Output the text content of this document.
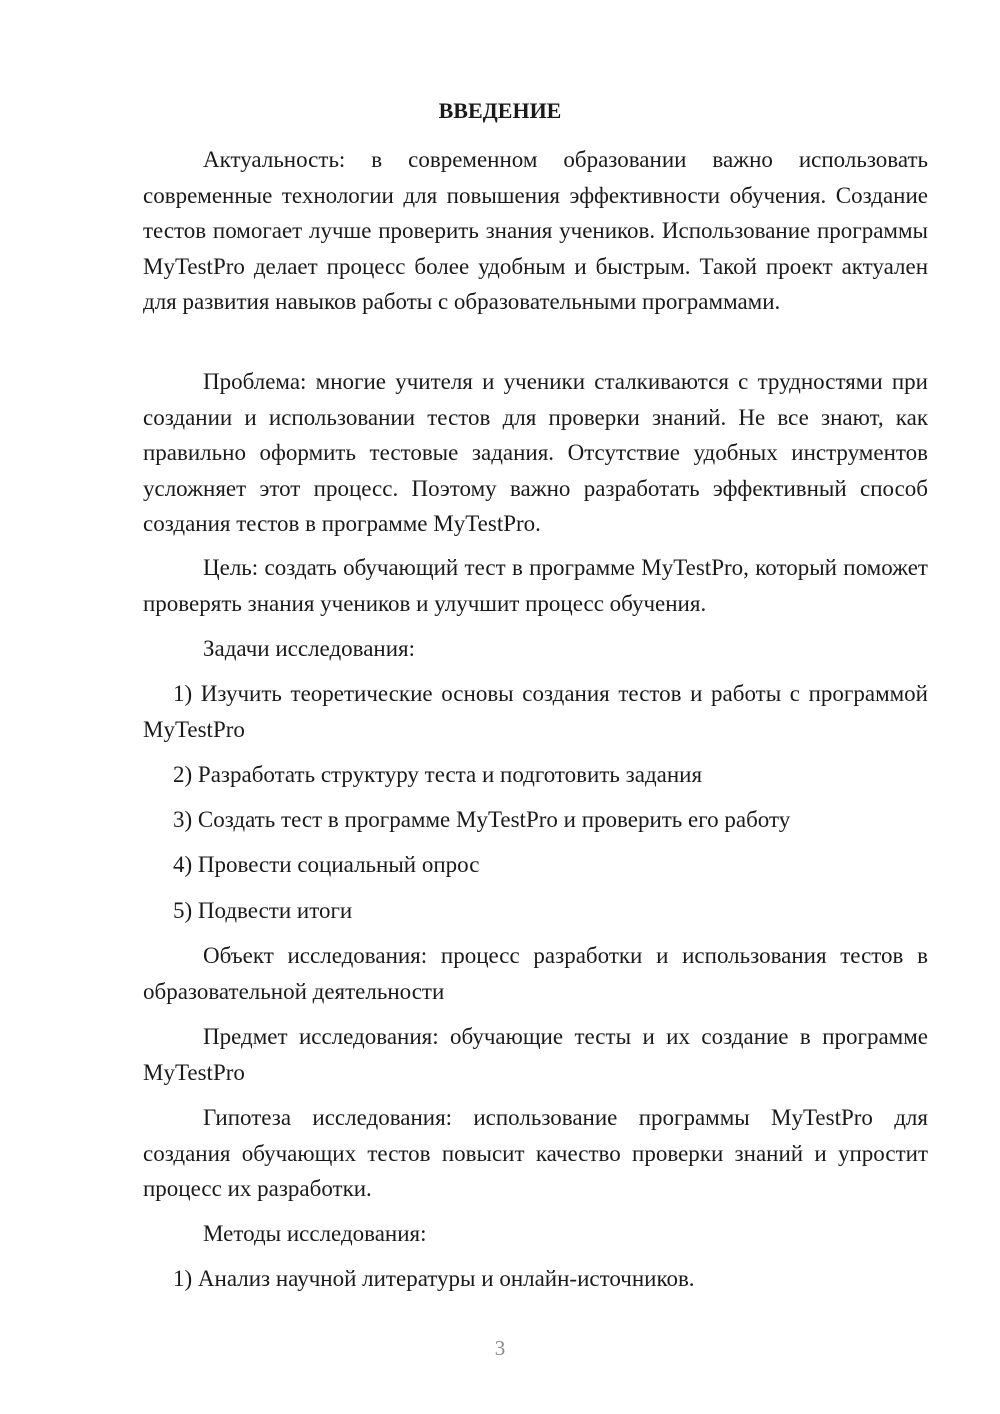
ВВЕДЕНИЕ

Актуальность: в современном образовании важно использовать современные технологии для повышения эффективности обучения. Создание тестов помогает лучше проверить знания учеников. Использование программы MyTestPro делает процесс более удобным и быстрым. Такой проект актуален для развития навыков работы с образовательными программами.

Проблема: многие учителя и ученики сталкиваются с трудностями при создании и использовании тестов для проверки знаний. Не все знают, как правильно оформить тестовые задания. Отсутствие удобных инструментов усложняет этот процесс. Поэтому важно разработать эффективный способ создания тестов в программе MyTestPro.

Цель: создать обучающий тест в программе MyTestPro, который поможет проверять знания учеников и улучшит процесс обучения.

Задачи исследования:

1) Изучить теоретические основы создания тестов и работы с программой MyTestPro

2) Разработать структуру теста и подготовить задания

3) Создать тест в программе MyTestPro и проверить его работу

4) Провести социальный опрос

5) Подвести итоги

Объект исследования: процесс разработки и использования тестов в образовательной деятельности

Предмет исследования: обучающие тесты и их создание в программе MyTestPro

Гипотеза исследования: использование программы MyTestPro для создания обучающих тестов повысит качество проверки знаний и упростит процесс их разработки.

Методы исследования:

1) Анализ научной литературы и онлайн-источников.

3
